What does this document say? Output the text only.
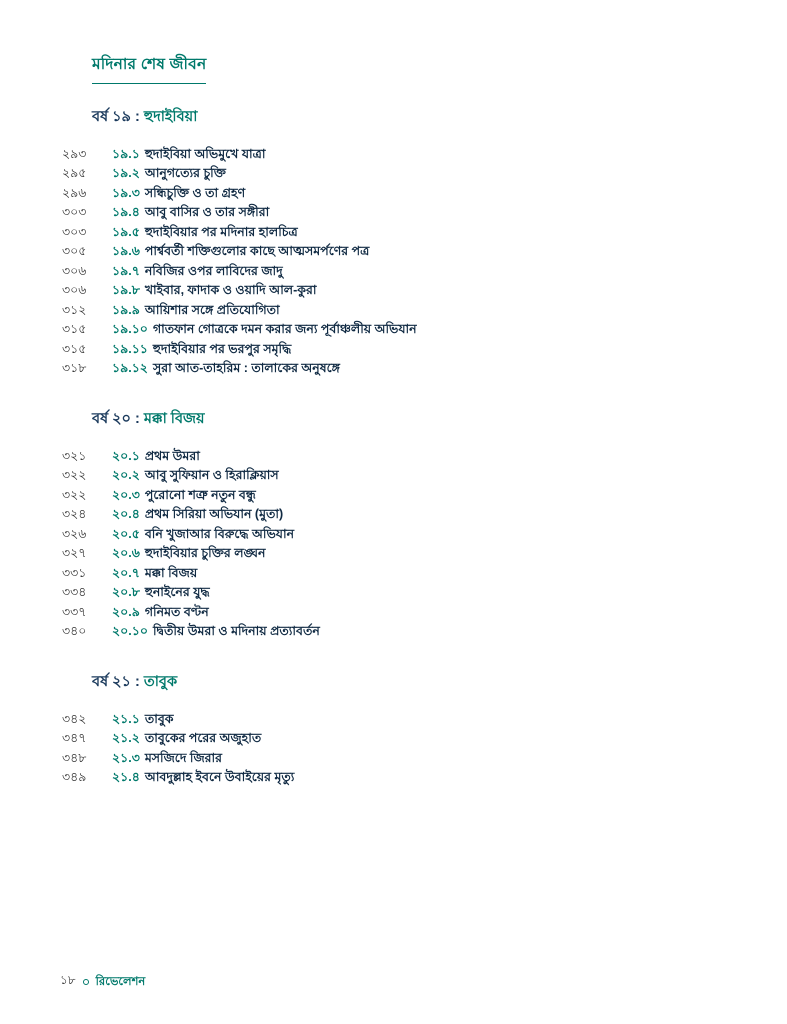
মদিনার শেষ জীবন
বর্ষ ১৯ : হুদাইবিয়া
২৯৩	১৯.১ হুদাইবিয়া অভিমুখে যাত্রা
২৯৫	১৯.২ আনুগত্যের চুক্তি
২৯৬	১৯.৩ সন্ধিচুক্তি ও তা গ্রহণ
৩০৩	১৯.৪ আবু বাসির ও তার সঙ্গীরা
৩০৩	১৯.৫ হুদাইবিয়ার পর মদিনার হালচিত্র
৩০৫	১৯.৬ পার্শ্ববর্তী শক্তিগুলোর কাছে আত্মসমর্পণের পত্র
৩০৬	১৯.৭ নবিজির ওপর লাবিদের জাদু
৩০৬	১৯.৮ খাইবার, ফাদাক ও ওয়াদি আল-কুরা
৩১২	১৯.৯ আয়িশার সঙ্গে প্রতিযোগিতা
৩১৫	১৯.১০ গাতফান গোত্রকে দমন করার জন্য পূর্বাঞ্চলীয় অভিযান
৩১৫	১৯.১১ হুদাইবিয়ার পর ভরপুর সমৃদ্ধি
৩১৮	১৯.১২ সুরা আত-তাহরিম : তালাকের অনুষঙ্গে
বর্ষ ২০ : মক্কা বিজয়
৩২১	২০.১ প্রথম উমরা
৩২২	২০.২ আবু সুফিয়ান ও হিরাক্লিয়াস
৩২২	২০.৩ পুরোনো শত্রু নতুন বন্ধু
৩২৪	২০.৪ প্রথম সিরিয়া অভিযান (মুতা)
৩২৬	২০.৫ বনি খুজাআর বিরুদ্ধে অভিযান
৩২৭	২০.৬ হুদাইবিয়ার চুক্তির লঙ্ঘন
৩৩১	২০.৭ মক্কা বিজয়
৩৩৪	২০.৮ হুনাইনের যুদ্ধ
৩৩৭	২০.৯ গনিমত বণ্টন
৩৪০	২০.১০ দ্বিতীয় উমরা ও মদিনায় প্রত্যাবর্তন
বর্ষ ২১ : তাবুক
৩৪২	২১.১ তাবুক
৩৪৭	২১.২ তাবুকের পরের অজুহাত
৩৪৮	২১.৩ মসজিদে জিরার
৩৪৯	২১.৪ আবদুল্লাহ ইবনে উবাইয়ের মৃত্যু
১৮ রিভেলেশন
